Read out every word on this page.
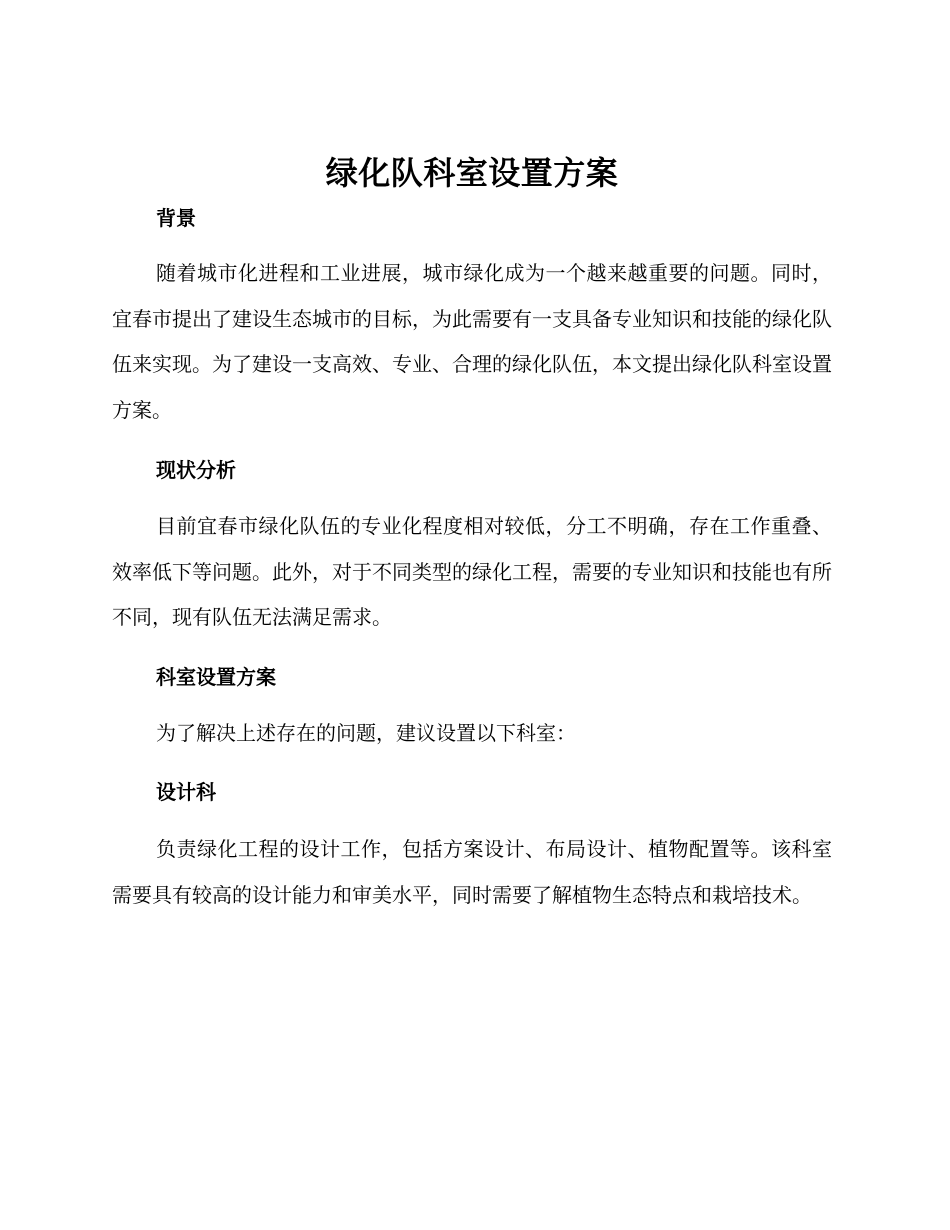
绿化队科室设置方案
背景

随着城市化进程和工业进展，城市绿化成为一个越来越重要的问题。同时，宜春市提出了建设生态城市的目标，为此需要有一支具备专业知识和技能的绿化队伍来实现。为了建设一支高效、专业、合理的绿化队伍，本文提出绿化队科室设置方案。

现状分析

目前宜春市绿化队伍的专业化程度相对较低，分工不明确，存在工作重叠、效率低下等问题。此外，对于不同类型的绿化工程，需要的专业知识和技能也有所不同，现有队伍无法满足需求。

科室设置方案

为了解决上述存在的问题，建议设置以下科室：

设计科

负责绿化工程的设计工作，包括方案设计、布局设计、植物配置等。该科室需要具有较高的设计能力和审美水平，同时需要了解植物生态特点和栽培技术。
